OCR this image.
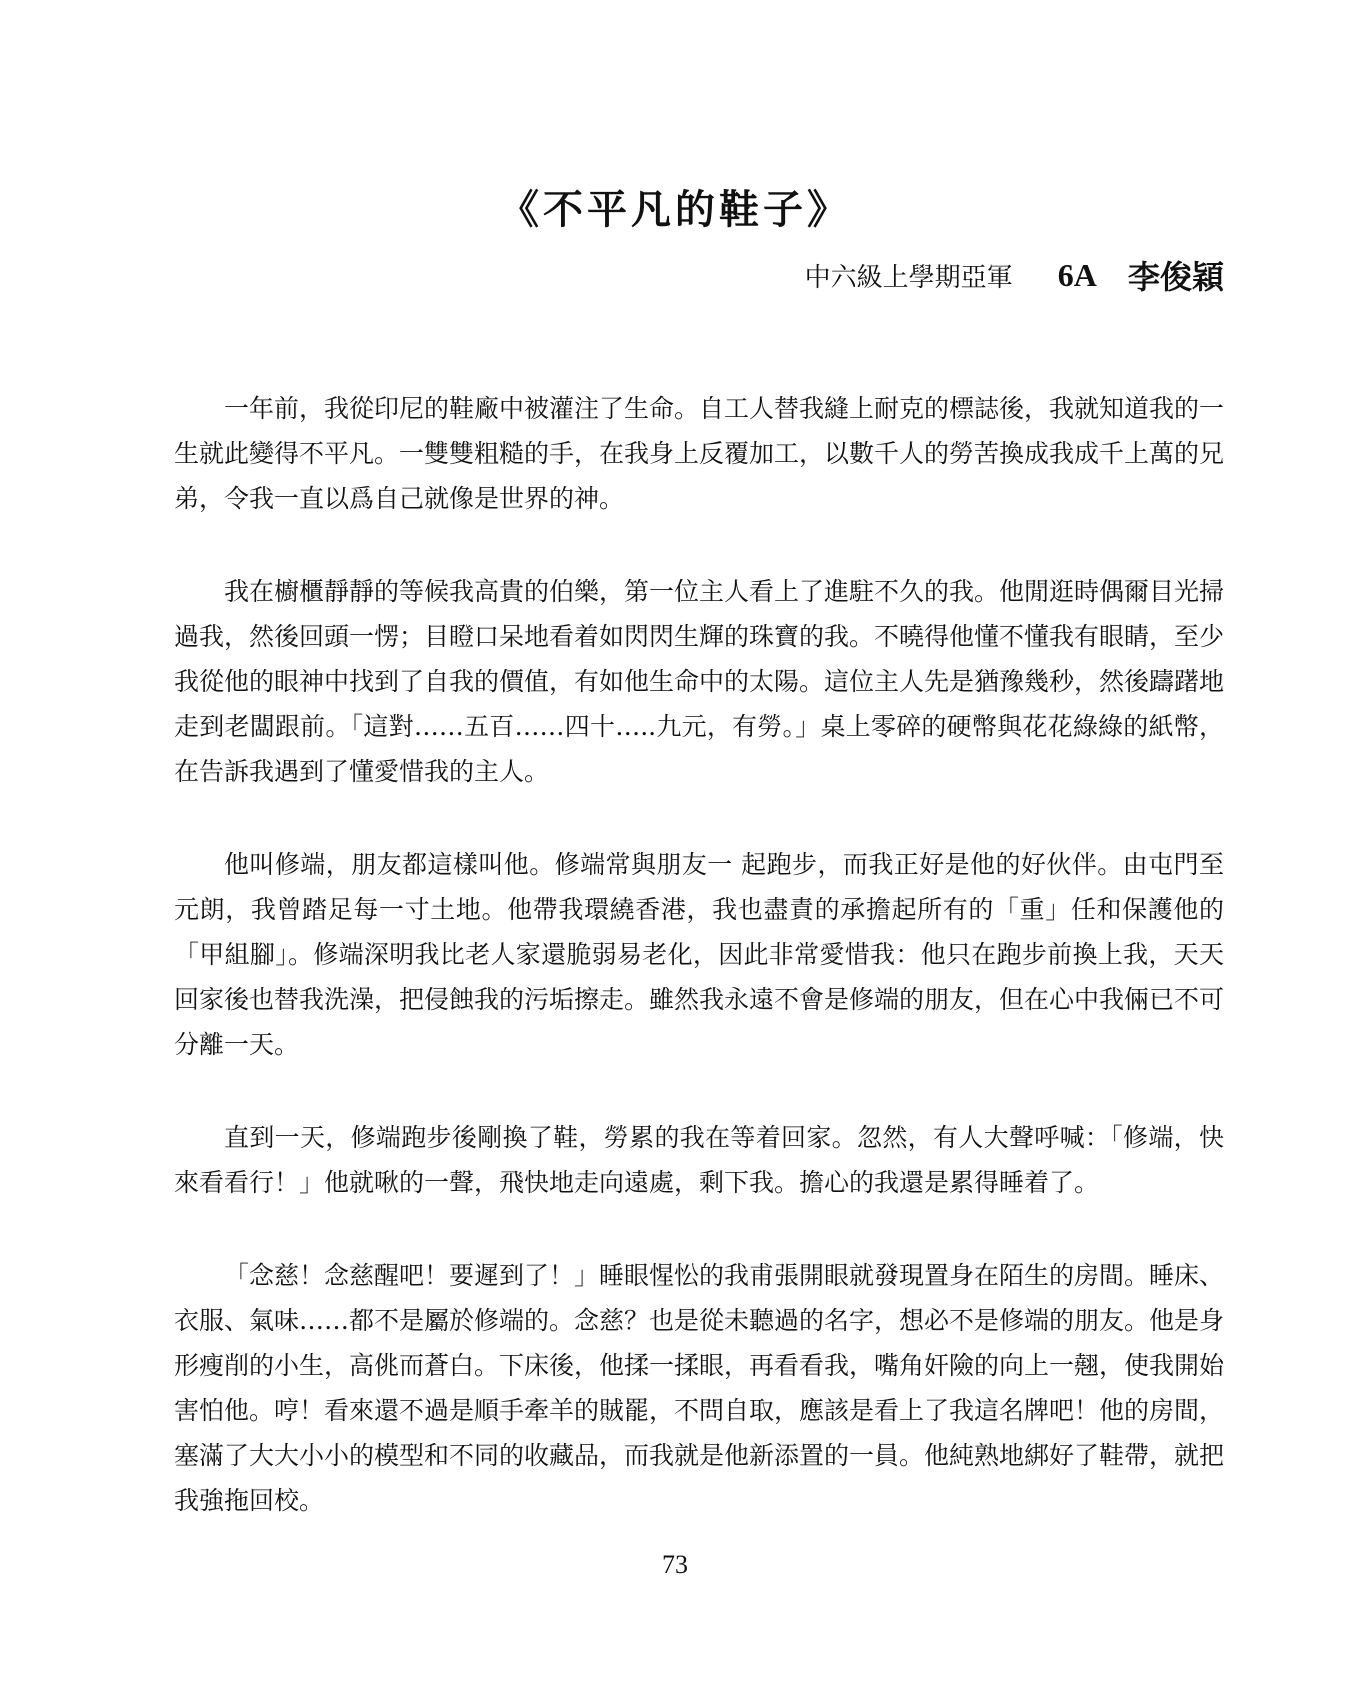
《不平凡的鞋子》
中六級上學期亞軍 6A 李俊穎

一年前，我從印尼的鞋廠中被灌注了生命。自工人替我縫上耐克的標誌後，我就知道我的一生就此變得不平凡。一雙雙粗糙的手，在我身上反覆加工，以數千人的勞苦換成我成千上萬的兄弟，令我一直以爲自己就像是世界的神。

我在櫥櫃靜靜的等候我高貴的伯樂，第一位主人看上了進駐不久的我。他閒逛時偶爾目光掃過我，然後回頭一愣；目瞪口呆地看着如閃閃生輝的珠寶的我。不曉得他懂不懂我有眼睛，至少我從他的眼神中找到了自我的價值，有如他生命中的太陽。這位主人先是猶豫幾秒，然後躊躇地走到老闆跟前。「這對……五百……四十…..九元，有勞。」桌上零碎的硬幣與花花綠綠的紙幣，在告訴我遇到了懂愛惜我的主人。

他叫修端，朋友都這樣叫他。修端常與朋友一 起跑步，而我正好是他的好伙伴。由屯門至元朗，我曾踏足每一寸土地。他帶我環繞香港，我也盡責的承擔起所有的「重」任和保護他的「甲組腳」。修端深明我比老人家還脆弱易老化，因此非常愛惜我：他只在跑步前換上我，天天回家後也替我洗澡，把侵蝕我的污垢擦走。雖然我永遠不會是修端的朋友，但在心中我倆已不可分離一天。

直到一天，修端跑步後剛換了鞋，勞累的我在等着回家。忽然，有人大聲呼喊：「修端，快來看看行！」他就啾的一聲，飛快地走向遠處，剩下我。擔心的我還是累得睡着了。

「念慈！念慈醒吧！要遲到了！」睡眼惺忪的我甫張開眼就發現置身在陌生的房間。睡床、衣服、氣味……都不是屬於修端的。念慈？也是從未聽過的名字，想必不是修端的朋友。他是身形瘦削的小生，高佻而蒼白。下床後，他揉一揉眼，再看看我，嘴角奸險的向上一翹，使我開始害怕他。哼！看來還不過是順手牽羊的賊罷，不問自取，應該是看上了我這名牌吧！他的房間，塞滿了大大小小的模型和不同的收藏品，而我就是他新添置的一員。他純熟地綁好了鞋帶，就把我強拖回校。

73
